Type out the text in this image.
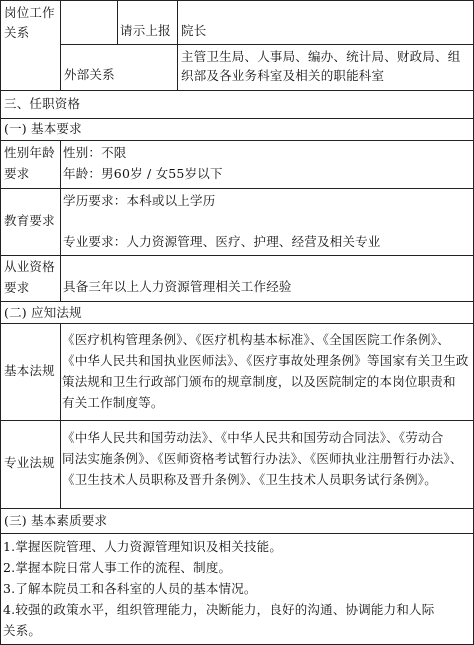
岗位工作
关系	请示上报 院长
外部关系
主管卫生局、人事局、编办、统计局、财政局、组
织部及各业务科室及相关的职能科室
三、任职资格
(一) 基本要求
性别年龄
要求
性别：不限
年龄：男60岁 / 女55岁以下
教育要求
学历要求：本科或以上学历
专业要求：人力资源管理、医疗、护理、经营及相关专业
从业资格
要求	具备三年以上人力资源管理相关工作经验
(二) 应知法规
基本法规
《医疗机构管理条例》、《医疗机构基本标准》、《全国医院工作条例》、
《中华人民共和国执业医师法》、《医疗事故处理条例》等国家有关卫生政
策法规和卫生行政部门颁布的规章制度，以及医院制定的本岗位职责和
有关工作制度等。
专业法规
《中华人民共和国劳动法》、《中华人民共和国劳动合同法》、《劳动合
同法实施条例》、《医师资格考试暂行办法》、《医师执业注册暂行办法》、
《卫生技术人员职称及晋升条例》、《卫生技术人员职务试行条例》。
(三) 基本素质要求
1.掌握医院管理、人力资源管理知识及相关技能。
2.掌握本院日常人事工作的流程、制度。
3.了解本院员工和各科室的人员的基本情况。
4.较强的政策水平，组织管理能力，决断能力，良好的沟通、协调能力和人际
关系。
